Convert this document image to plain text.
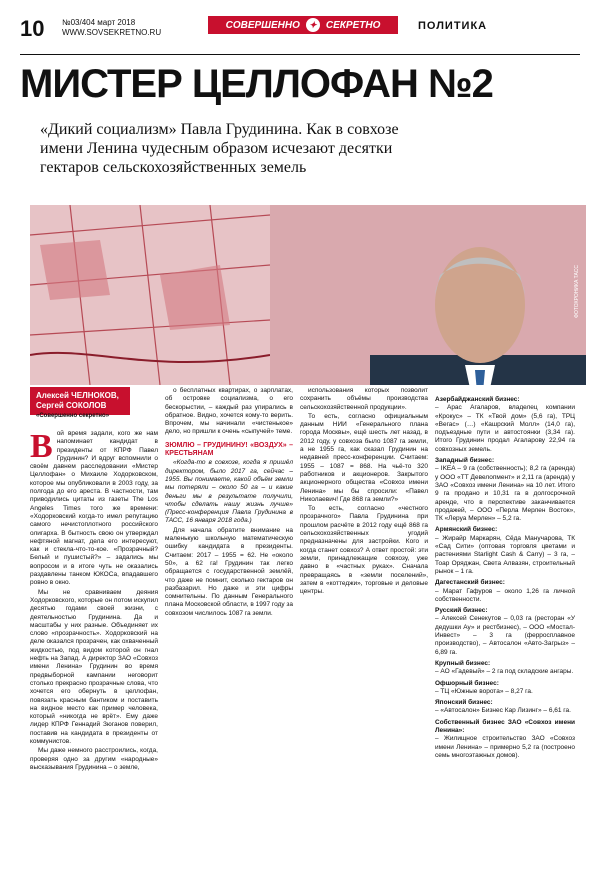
10 №03/404 март 2018
WWW.SOVSEKRETNO.RU
СОВЕРШЕННО	✦ СЕКРЕТНО	ПОЛИТИКА
МИСТЕР ЦЕЛЛОФАН №2
«Дикий социализм» Павла Грудинина. Как в совхозе имени Ленина чудесным образом исчезают десятки гектаров сельскохозяйственных земель
ФОТОХРОНИКА ТАСС
Алексей ЧЕЛНОКОВ,
Сергей СОКОЛОВ
«Совершенно секретно»
В ой время задали, кого же нам напоминает кандидат в президенты от КПРФ Павел Грудинин? И вдруг вспомнили о своём давнем расследовании «Мистер Целлофан» о Михаиле Ходорковском, которое мы опубликовали в 2003 году, за полгода до его ареста. В частности, там приводились цитаты из газеты The Los Angeles Times того же времени: «Ходорковский когда-то имел репутацию самого нечистоплотного российского олигарха. В бытность свою он утверждал нефтяной магнат, дела его интересуют, как и стекла-что-то-кое. «Прозрачный? Белый и пушистый?» – задались мы вопросом и в итоге чуть не оказались раздавлены танком ЮКОСа, впадавшего ровно в окно.

Мы не сравниваем деяния Ходорковского, которые он потом искупил десятью годами своей жизни, с деятельностью Грудинина. Да и масштабы у них разные. Объединяет их слово «прозрачность». Ходорковский на деле оказался прозрачен, как охваченный жидкостью, под видом которой он гнал нефть на Запад. А директор ЗАО «Совхоз имени Ленина» Грудинин во время предвыборной кампании неговорит столько прекрасно прозрачные слова, что хочется его обернуть в целлофан, повязать красным бантиком и поставить на видное место как пример человека, который «никогда не врёт». Ему даже лидер КПРФ Геннадий Зюганов поверил, поставив на кандидата в президенты от коммунистов.

Мы даже немного расстроились, когда, проверяя одно за другим «народные» высказывания Грудинина – о земле,

о бесплатных квартирах, о зарплатах, об островке социализма, о его бескорыстии, – каждый раз упирались в обратное. Видно, хочется кому-то верить. Впрочем, мы начинали «чистенькое» дело, но пришли к очень «сыпучей» теме.

ЗЮМЛЮ – ГРУДИНИНУ! «ВОЗДУХ» – КРЕСТЬЯНАМ

«Когда-то в совхозе, когда я пришёл директором, было 2017 га, сейчас – 1955. Вы понимаете, какой объём земли мы потеряли – около 50 га – и какие деньги мы в результате получили, чтобы сделать нашу жизнь лучше» (Пресс-конференция Павла Грудинина в ТАСС, 16 января 2018 года.)

Для начала обратите внимание на маленькую школьную математическую ошибку кандидата в президенты. Считаем: 2017 – 1955 = 62. Не «около 50», а 62 га! Грудинин так легко обращается с государственной землёй, что даже не помнит, сколько гектаров он разбазарил. Но даже и эти цифры сомнительны. По данным Генерального плана Московской области, в 1997 году за совхозом числилось 1087 га земли.

использования которых позволит сохранить объёмы производства сельскохозяйственной продукции».

То есть, согласно официальным данным НИИ «Генерального плана города Москвы», ещё шесть лет назад, в 2012 году, у совхоза было 1087 га земли, а не 1955 га, как сказал Грудинин на недавней пресс-конференции. Считаем: 1955 – 1087 = 868. На чьё-то 320 работников и акционеров. Закрытого акционерного общества «Совхоз имени Ленина» мы бы спросили: «Павел Николаевич! Где 868 га земли?»

То есть, согласно «честного прозрачного» Павла Грудинина при прошлом расчёте в 2012 году ещё 868 га сельскохозяйственных угодий предназначены для застройки. Кого и когда станет совхоз? А ответ простой: эти земли, принадлежащие совхозу, уже давно в «частных руках». Сначала превращаясь в «земли поселений», затем в «коттеджи», торговые и деловые центры.

Азербайджанский бизнес:
– Арас Агаларов, владелец компании «Крокус» – ТК «Твой дом» (5,6 га), ТРЦ «Вегас» (…) «Кашрский Молл» (14,0 га), подъездные пути и автостоянки (3,34 га). Итого Грудинин продал Агаларову 22,94 га совхозных земель.
Западный бизнес:
– IKEA – 9 га (собственность); 8,2 га (аренда) у ООО «ТТ Девелопмент» и 2,11 га (аренда) у ЗАО «Совхоз имени Ленина» на 10 лет. Итого 9 га продано и 10,31 га в долгосрочной аренде, что в перспективе заканчивается продажей, – ООО «Перла Мерлен Восток», ТК «Леруа Мерлен» – 5,2 га.
Армянский бизнес:
– Жирайр Маркарян, Сёда Манучарова, ТК «Сад Сити» (оптовая торговля цветами и растениями Starlight Cash & Carry) – 3 га, – Тоар Оряджан, Света Алвазян, строительный рынок – 1 га.
Дагестанский бизнес:
– Марат Гафуров – около 1,26 га личной собственности.
Русский бизнес:
– Алексей Сенекутов – 0,03 га (ресторан «У дедушки Ау» и рестбизнес), – ООО «Мостал-Инвест» – 3 га (ферросплавное производство), – Автосалон «Авто-Загрыз» – 6,89 га.
Крупный бизнес:
– АО «Гадевый» – 2 га под складские ангары.
Офшорный бизнес:
– ТЦ «Южные ворота» – 8,27 га.
Японский бизнес:
– «Автосалон» Бизнес Кар Лизинг» – 6,61 га.
Собственный бизнес ЗАО «Совхоз имени Ленина»:
– Жилищное строительство ЗАО «Совхоз имени Ленина» – примерно 5,2 га (построено семь многоэтажных домов).
